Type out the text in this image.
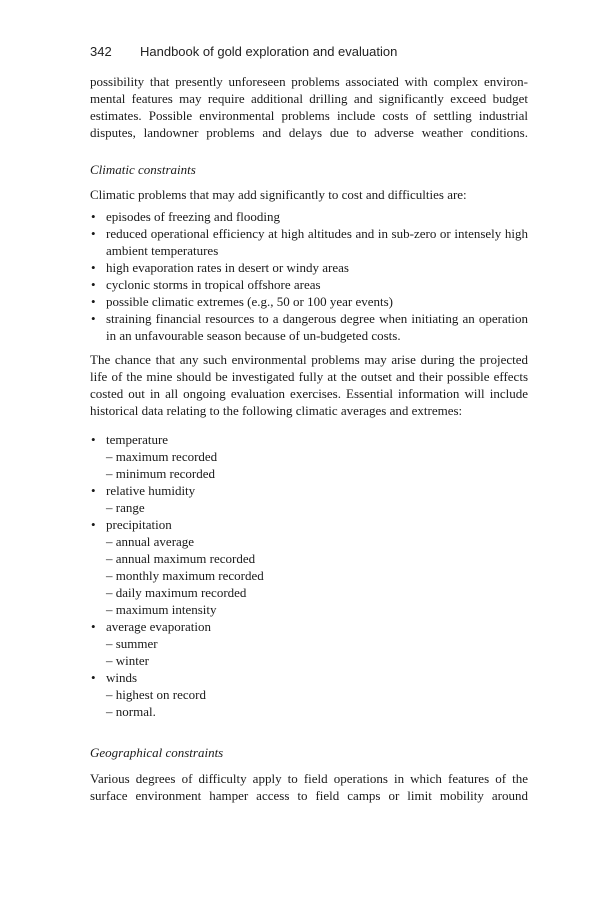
342 Handbook of gold exploration and evaluation

possibility that presently unforeseen problems associated with complex environ-mental features may require additional drilling and significantly exceed budget estimates. Possible environmental problems include costs of settling industrial disputes, landowner problems and delays due to adverse weather conditions.

Climatic constraints

Climatic problems that may add significantly to cost and difficulties are:

• episodes of freezing and flooding
• reduced operational efficiency at high altitudes and in sub-zero or intensely high ambient temperatures
• high evaporation rates in desert or windy areas
• cyclonic storms in tropical offshore areas
• possible climatic extremes (e.g., 50 or 100 year events)
• straining financial resources to a dangerous degree when initiating an operation in an unfavourable season because of un-budgeted costs.

The chance that any such environmental problems may arise during the projected life of the mine should be investigated fully at the outset and their possible effects costed out in all ongoing evaluation exercises. Essential information will include historical data relating to the following climatic averages and extremes:

• temperature
– maximum recorded
– minimum recorded
• relative humidity
– range
• precipitation
– annual average
– annual maximum recorded
– monthly maximum recorded
– daily maximum recorded
– maximum intensity
• average evaporation
– summer
– winter
• winds
– highest on record
– normal.
Geographical constraints

Various degrees of difficulty apply to field operations in which features of the surface environment hamper access to field camps or limit mobility around
